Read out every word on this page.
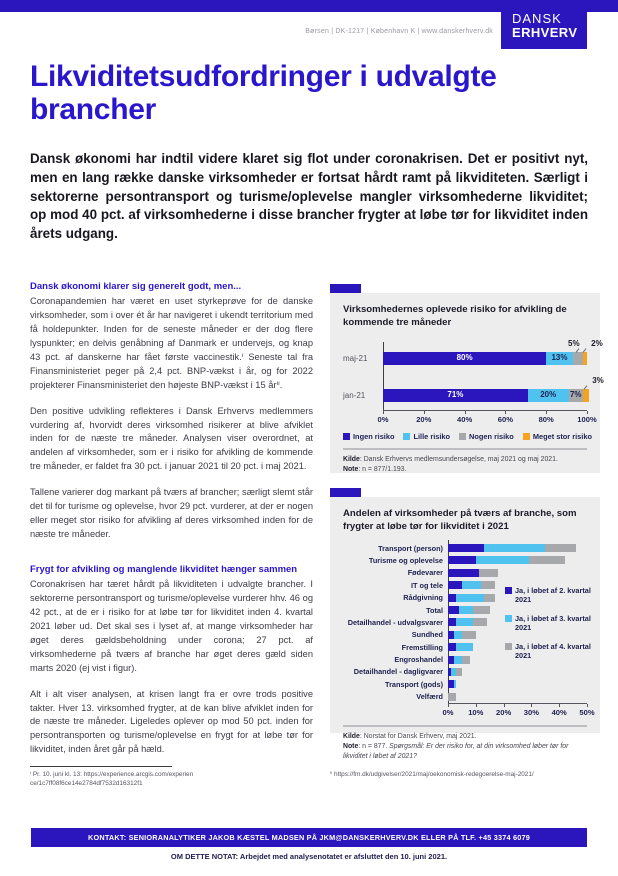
Børsen | DK-1217 | København K | www.danskerhverv.dk
DANSK
ERHVERV
Likviditetsudfordringer i udvalgte brancher
Dansk økonomi har indtil videre klaret sig flot under coronakrisen. Det er positivt nyt, men en lang række danske virksomheder er fortsat hårdt ramt på likviditeten. Særligt i sektorerne persontransport og turisme/oplevelse mangler virksomhederne likviditet; op mod 40 pct. af virksomhederne i disse brancher frygter at løbe tør for likviditet inden årets udgang.
Dansk økonomi klarer sig generelt godt, men...

Coronapandemien har været en uset styrkeprøve for de danske virksomheder, som i over ét år har navigeret i ukendt territorium med få holdepunkter. Inden for de seneste måneder er der dog flere lyspunkter; en delvis genåbning af Danmark er undervejs, og knap 43 pct. af danskerne har fået første vaccinestik.ⁱ Seneste tal fra Finansministeriet peger på 2,4 pct. BNP-vækst i år, og for 2022 projekterer Finansministeriet den højeste BNP-vækst i 15 årⁱⁱ.

Den positive udvikling reflekteres i Dansk Erhvervs medlemmers vurdering af, hvorvidt deres virksomhed risikerer at blive afviklet inden for de næste tre måneder. Analysen viser overordnet, at andelen af virksomheder, som er i risiko for afvikling de kommende tre måneder, er faldet fra 30 pct. i januar 2021 til 20 pct. i maj 2021.

Tallene varierer dog markant på tværs af brancher; særligt slemt står det til for turisme og oplevelse, hvor 29 pct. vurderer, at der er nogen eller meget stor risiko for afvikling af deres virksomhed inden for de næste tre måneder.

Frygt for afvikling og manglende likviditet hænger sammen

Coronakrisen har tæret hårdt på likviditeten i udvalgte brancher. I sektorerne persontransport og turisme/oplevelse vurderer hhv. 46 og 42 pct., at de er i risiko for at løbe tør for likviditet inden 4. kvartal 2021 løber ud. Det skal ses i lyset af, at mange virksomheder har øget deres gældsbeholdning under corona; 27 pct. af virksomhederne på tværs af branche har øget deres gæld siden marts 2020 (ej vist i figur).

Alt i alt viser analysen, at krisen langt fra er ovre trods positive takter. Hver 13. virksomhed frygter, at de kan blive afviklet inden for de næste tre måneder. Ligeledes oplever op mod 50 pct. inden for persontransporten og turisme/oplevelse en frygt for at løbe tør for likviditet, inden året går på hæld.

Virksomhedernes oplevede risiko for afvikling de kommende tre måneder
maj-21	80%	13%
5%	2%
jan-21	71%	20%	7%
3%
0%	20%	40%	60%	80%	100%
Ingen risiko	Lille risiko	Nogen risiko	Meget stor risiko
Kilde: Dansk Erhvervs medlemsundersøgelse, maj 2021 og maj 2021.
Note: n = 877/1.193.
Andelen af virksomheder på tværs af branche, som frygter at løbe tør for likviditet i 2021
Transport (person)
Turisme og oplevelse
Fødevarer
IT og tele
Rådgivning
Total
Detailhandel - udvalgsvarer
Sundhed
Fremstilling
Engroshandel
Detailhandel - dagligvarer
Transport (gods)
Velfærd
Ja, i løbet af 2. kvartal 2021
Ja, i løbet af 3. kvartal 2021
Ja, i løbet af 4. kvartal 2021
0% 10% 20% 30% 40% 50%
Kilde: Norstat for Dansk Erhverv, maj 2021.
Note: n = 877. Spørgsmål: Er der risiko for, at din virksomhed løber tør for likviditet i løbet af 2021?
ⁱ Pr. 10. juni kl. 13: https://experience.arcgis.com/experience/1c7ff08f6ce14e2784df7532d16312f1
ⁱⁱ https://fm.dk/udgivelser/2021/maj/oekonomisk-redegoerelse-maj-2021/
KONTAKT: SENIORANALYTIKER JAKOB KÆSTEL MADSEN PÅ JKM@DANSKERHVERV.DK ELLER PÅ TLF. +45 3374 6079
OM DETTE NOTAT: Arbejdet med analysenotatet er afsluttet den 10. juni 2021.
